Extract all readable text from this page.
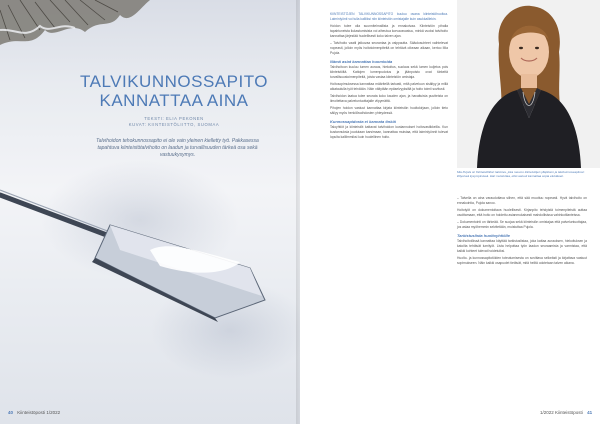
TALVIKUNNOSSAPITO
KANNATTAA AINA
TEKSTI: ELIA PEKONEN
KUVAT: KIINTEISTÖLIITTO, SUOMAA
Talvihoidon tehokunnossapito ei ole vain yleinen kielletty työ. Pakkasessa tapahtuva kiinteistötalvihoito on laadun ja turvallisuuden tärkeä osa sekä vastuukysymys.
40 Kiinteistöposti 1/2022

KIINTEISTÖJEN TALVIKUNNOSSAPITO kuuluu osana kiinteistöhuoltoa. Laiminlyönti voi tulla kalliiksi niin kiinteistön omistajalle kuin asukkaillekin.

Hoidon tulee olla suunnitelmallista ja ennakoivaa. Kiinteistön pihalla tapahtuneista liukastumisista voi aiheutua korvausvastuu, minkä vuoksi talvihoito kannattaa järjestää huolellisesti koko talven ajan.

– Talvihoito vaatii jatkuvaa seurantaa ja valppautta. Sääolosuhteet vaihtelevat nopeasti, jolloin myös hoitotoimenpiteitä on tehtävä oikeaan aikaan, kertoo Mia Pujola.

Nämä asiat kannattaa huomioida

Talvihoitoon kuuluu lumen auraus, hiekoitus, suolaus sekä lumen kuljetus pois kiinteistöltä. Kattojen lumenpudotus ja jäänpoisto ovat tärkeitä turvallisuustoimenpiteitä, joista vastaa kiinteistön omistaja.

Hoitosopimuksessa kannattaa määritellä tarkasti, mitä palveluun sisältyy ja millä aikataululla työt tehdään. Näin vältytään epäselvyyksiltä ja hoito toimii sovitusti.

Talvihoidon laatua tulee seurata koko kauden ajan, ja havaituista puutteista on ilmoitettava palveluntuottajalle viipymättä.

Pihojen hoidon vastuut kannattaa kirjata kiinteistön huoltokirjaan, jolloin tieto säilyy myös henkilövaihdosten yhteydessä.

Kunnossapidosta ei kannata tinkiä

Taloyhtiöt ja kiinteistöt kattavat talvihoidon kustannukset hoitovastikkeilla. Kun kustannuksia joudutaan karsimaan, kannattaa muistaa, että laiminlyönnit tulevat lopulta kalliimmiksi kuin huolellinen hoito.

Mia Pujola on Kiinteistöliiton lakimies, joka neuvoo kiinteistöjen ylläpitoon ja talvikunnossapitoon liittyvissä kysymyksissä. Hän muistuttaa, että vastuut kannattaa sopia etukäteen.

– Talvella on aina varauduttava siihen, että sää muuttuu nopeasti. Hyvä talvihoito on ennakointia, Pujola sanoo.

Hoitotyöt on dokumentoitava huolellisesti. Kirjanpito tehdyistä toimenpiteistä auttaa osoittamaan, että hoito on hoidettu asianmukaisesti mahdollisissa vahinkotilanteissa.

– Dokumentointi on tärkeää. Se suojaa sekä kiinteistön omistajaa että palveluntuottajaa, jos asiaa myöhemmin selvitetään, muistuttaa Pujola.

Tarkistuslista huoltoyhtiölle

Talvihoitotöissä kannattaa käyttää tarkistuslistaa, joka kattaa aurauksen, hiekoituksen ja katoilta tehtävät lumityöt. Lista helpottaa työn laadun seuraamista ja varmistaa, että kaikki kohteet tulevat hoidetuiksi.

Huolto- ja kunnossapitotöiden toteutumisesta on sovittava selkeästi ja kirjattava vastuut sopimukseen. Näin kaikki osapuolet tietävät, mitä heiltä odotetaan talven aikana.

1/2022 Kiinteistöposti 41
